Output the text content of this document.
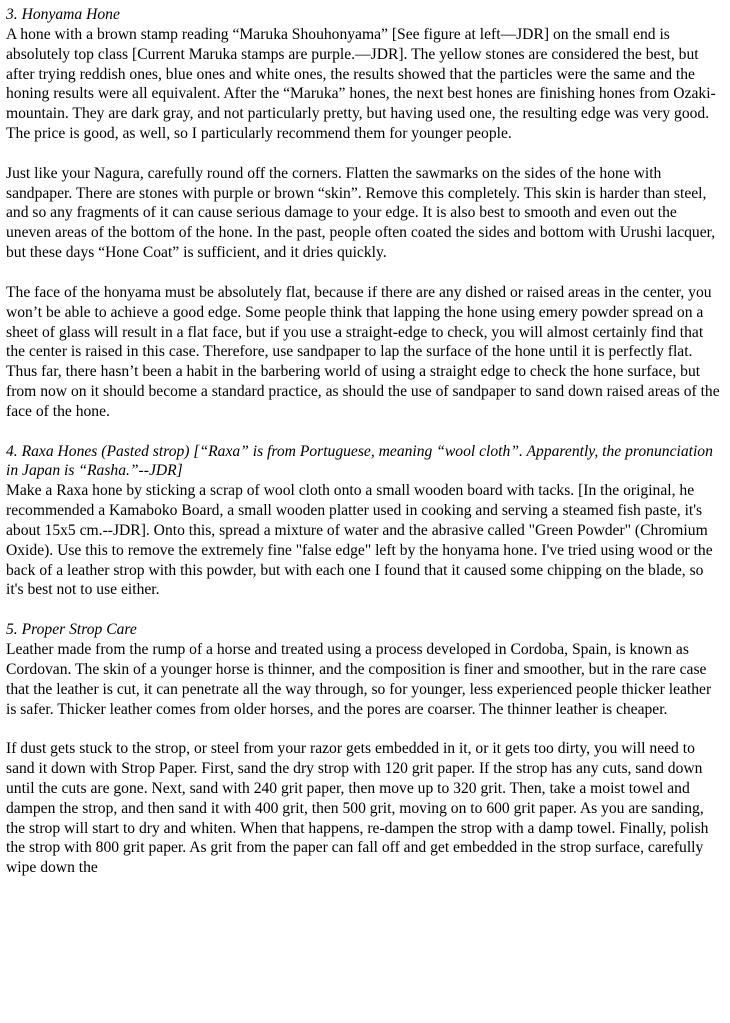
3. Honyama Hone

A hone with a brown stamp reading “Maruka Shouhonyama” [See figure at left—JDR] on the small end is absolutely top class [Current Maruka stamps are purple.—JDR]. The yellow stones are considered the best, but after trying reddish ones, blue ones and white ones, the results showed that the particles were the same and the honing results were all equivalent. After the “Maruka” hones, the next best hones are finishing hones from Ozaki-mountain. They are dark gray, and not particularly pretty, but having used one, the resulting edge was very good. The price is good, as well, so I particularly recommend them for younger people.

Just like your Nagura, carefully round off the corners. Flatten the sawmarks on the sides of the hone with sandpaper. There are stones with purple or brown “skin”. Remove this completely. This skin is harder than steel, and so any fragments of it can cause serious damage to your edge. It is also best to smooth and even out the uneven areas of the bottom of the hone. In the past, people often coated the sides and bottom with Urushi lacquer, but these days “Hone Coat” is sufficient, and it dries quickly.

The face of the honyama must be absolutely flat, because if there are any dished or raised areas in the center, you won’t be able to achieve a good edge. Some people think that lapping the hone using emery powder spread on a sheet of glass will result in a flat face, but if you use a straight-edge to check, you will almost certainly find that the center is raised in this case. Therefore, use sandpaper to lap the surface of the hone until it is perfectly flat. Thus far, there hasn’t been a habit in the barbering world of using a straight edge to check the hone surface, but from now on it should become a standard practice, as should the use of sandpaper to sand down raised areas of the face of the hone.

4. Raxa Hones (Pasted strop) [“Raxa” is from Portuguese, meaning “wool cloth”. Apparently, the pronunciation in Japan is “Rasha.”--JDR]

Make a Raxa hone by sticking a scrap of wool cloth onto a small wooden board with tacks. [In the original, he recommended a Kamaboko Board, a small wooden platter used in cooking and serving a steamed fish paste, it's about 15x5 cm.--JDR]. Onto this, spread a mixture of water and the abrasive called "Green Powder" (Chromium Oxide). Use this to remove the extremely fine "false edge" left by the honyama hone. I've tried using wood or the back of a leather strop with this powder, but with each one I found that it caused some chipping on the blade, so it's best not to use either.

5. Proper Strop Care

Leather made from the rump of a horse and treated using a process developed in Cordoba, Spain, is known as Cordovan. The skin of a younger horse is thinner, and the composition is finer and smoother, but in the rare case that the leather is cut, it can penetrate all the way through, so for younger, less experienced people thicker leather is safer. Thicker leather comes from older horses, and the pores are coarser. The thinner leather is cheaper.

If dust gets stuck to the strop, or steel from your razor gets embedded in it, or it gets too dirty, you will need to sand it down with Strop Paper. First, sand the dry strop with 120 grit paper. If the strop has any cuts, sand down until the cuts are gone. Next, sand with 240 grit paper, then move up to 320 grit. Then, take a moist towel and dampen the strop, and then sand it with 400 grit, then 500 grit, moving on to 600 grit paper. As you are sanding, the strop will start to dry and whiten. When that happens, re-dampen the strop with a damp towel. Finally, polish the strop with 800 grit paper. As grit from the paper can fall off and get embedded in the strop surface, carefully wipe down the
